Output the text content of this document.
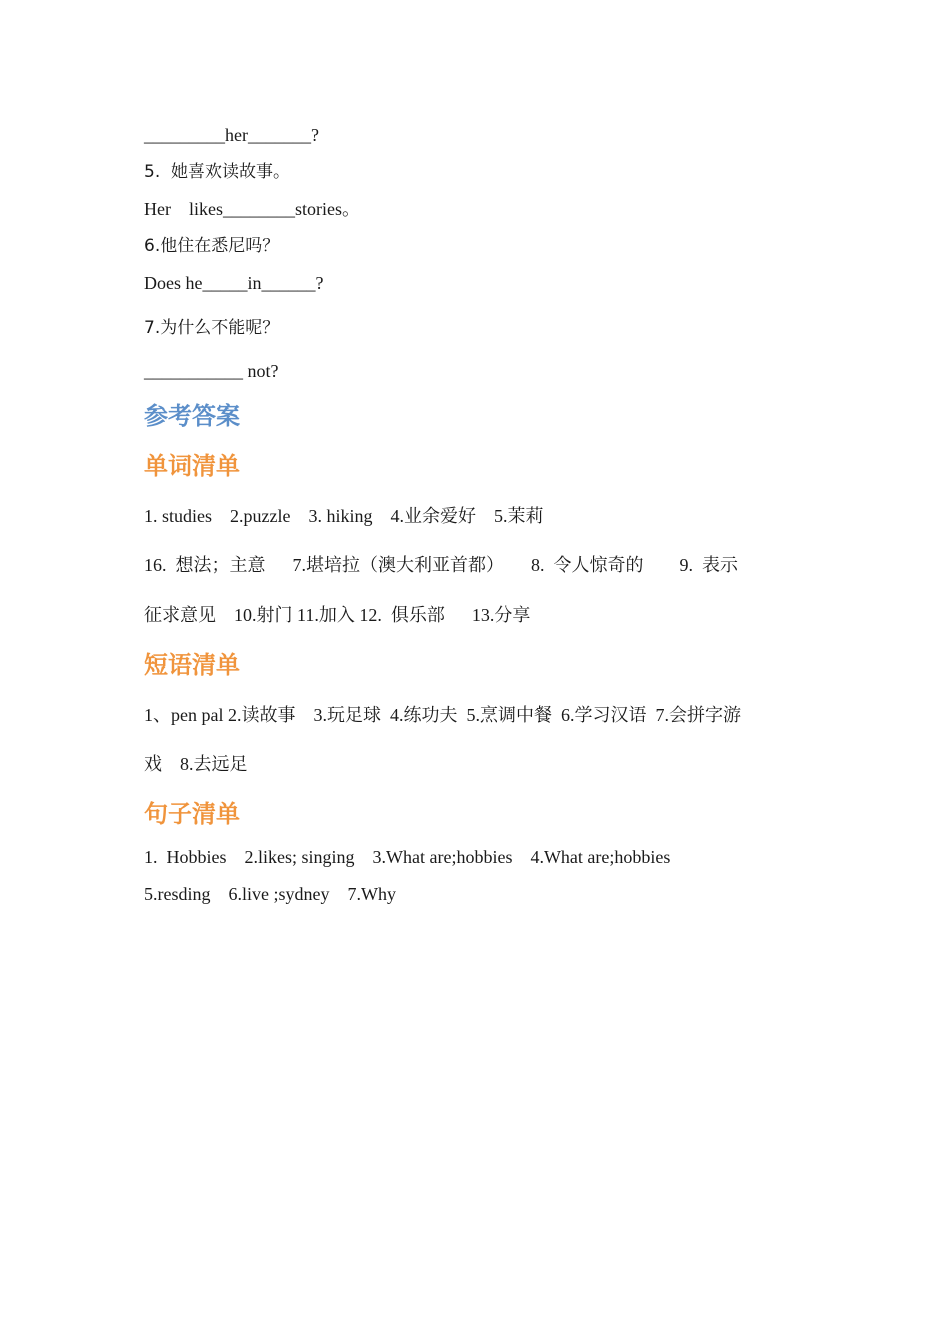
_________her_______?
5.  她喜欢读故事。
Her    likes________stories。
6.他住在悉尼吗？
Does he_____in______?
7.为什么不能呢？
___________ not?
参考答案
单词清单
1. studies    2.puzzle    3. hiking    4.业余爱好    5.茉莉
16.  想法；主意      7.堪培拉（澳大利亚首都）      8.  令人惊奇的        9.  表示
征求意见    10.射门 11.加入 12.  俱乐部      13.分享
短语清单
1、pen pal 2.读故事    3.玩足球  4.练功夫  5.烹调中餐  6.学习汉语  7.会拼字游
戏    8.去远足
句子清单
1.  Hobbies    2.likes; singing    3.What are;hobbies    4.What are;hobbies
5.resding    6.live ;sydney    7.Why
